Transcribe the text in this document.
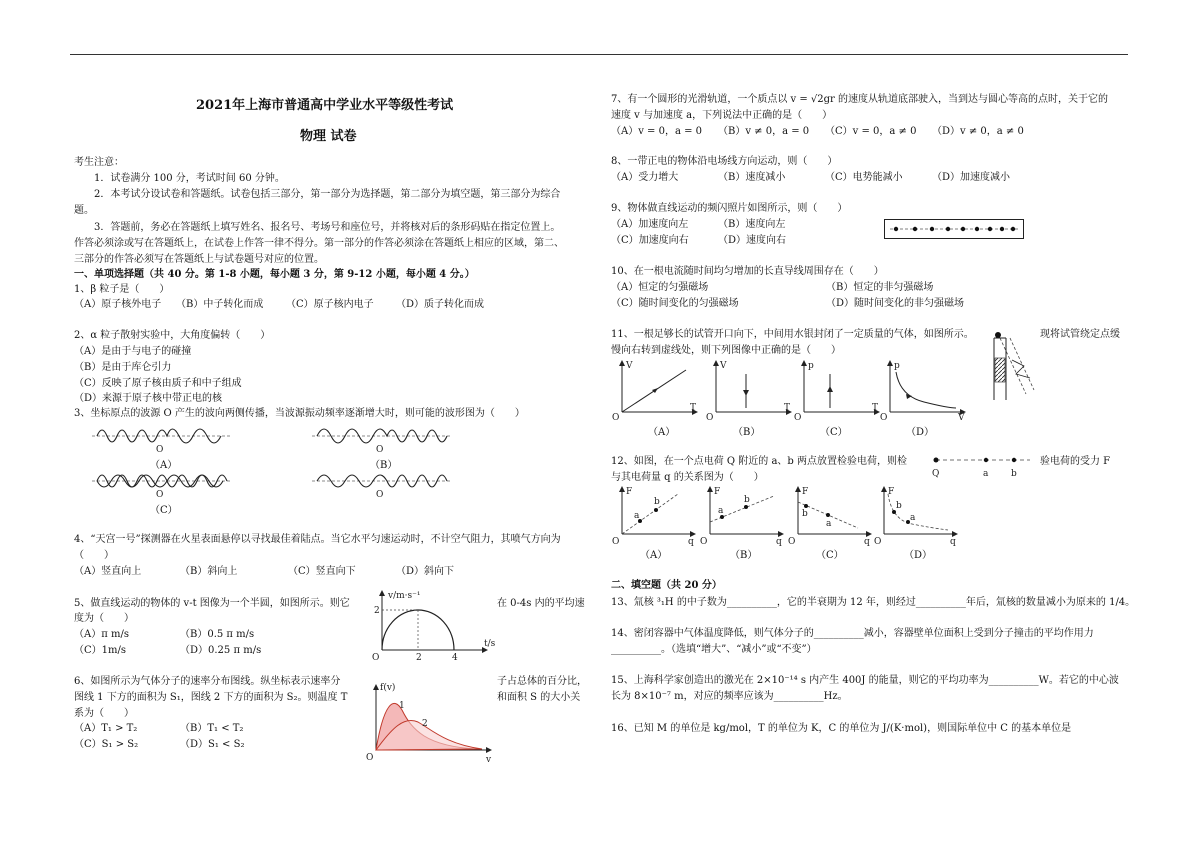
2021年上海市普通高中学业水平等级性考试
物理 试卷
考生注意：
1．试卷满分 100 分，考试时间 60 分钟。
2．本考试分设试卷和答题纸。试卷包括三部分，第一部分为选择题，第二部分为填空题，第三部分为综合
题。
3．答题前，务必在答题纸上填写姓名、报名号、考场号和座位号，并将核对后的条形码贴在指定位置上。
作答必须涂或写在答题纸上，在试卷上作答一律不得分。第一部分的作答必须涂在答题纸上相应的区域，第二、
三部分的作答必须写在答题纸上与试卷题号对应的位置。
一、单项选择题（共 40 分。第 1-8 小题，每小题 3 分，第 9-12 小题，每小题 4 分。）
1、β 粒子是（　　）
（A）原子核外电子 （B）中子转化而成 （C）原子核内电子 （D）质子转化而成
2、α 粒子散射实验中，大角度偏转（　　）
（A）是由于与电子的碰撞
（B）是由于库仑引力
（C）反映了原子核由质子和中子组成
（D）来源于原子核中带正电的核
3、坐标原点的波源 O 产生的波向两侧传播，当波源振动频率逐渐增大时，则可能的波形图为（　　）
O
（A）
O
（B）
O
（C）
O
4、“天宫一号”探测器在火星表面悬停以寻找最佳着陆点。当它水平匀速运动时，不计空气阻力，其喷气方向为
（　　）
（A）竖直向上	（B）斜向上	（C）竖直向下	（D）斜向下
5、做直线运动的物体的 v-t 图像为一个半圆，如图所示。则它	在 0-4s 内的平均速
度为（　　）
（A）π m/s	（B）0.5 π m/s
（C）1m/s	（D）0.25 π m/s
v/m·s⁻¹
t/s
O
2
2	4
6、如图所示为气体分子的速率分布图线。纵坐标表示速率分	子占总体的百分比，
图线 1 下方的面积为 S₁，图线 2 下方的面积为 S₂。则温度 T	和面积 S 的大小关
系为（　　）
（A）T₁ > T₂	（B）T₁ < T₂
（C）S₁ > S₂	（D）S₁ < S₂
f(v)
1
2
O	v
7、有一个圆形的光滑轨道，一个质点以 v = √2gr 的速度从轨道底部驶入，当到达与圆心等高的点时，关于它的
速度 v 与加速度 a，下列说法中正确的是（　　）
（A）v = 0，a = 0 （B）v ≠ 0，a = 0 （C）v = 0，a ≠ 0 （D）v ≠ 0，a ≠ 0
8、一带正电的物体沿电场线方向运动，则（　　）
（A）受力增大	（B）速度减小	（C）电势能减小	（D）加速度减小
9、物体做直线运动的频闪照片如图所示，则（　　）
（A）加速度向左	（B）速度向左
（C）加速度向右	（D）速度向右
10、在一根电流随时间均匀增加的长直导线周围存在（　　）
（A）恒定的匀强磁场	（B）恒定的非匀强磁场
（C）随时间变化的匀强磁场	（D）随时间变化的非匀强磁场
11、一根足够长的试管开口向下，中间用水银封闭了一定质量的气体，如图所示。	现将试管绕定点缓
慢向右转到虚线处，则下列图像中正确的是（　　）
V
T
O
（A）
V
T
O
（B）
p
T
O
（C）
p
V
O
（D）
12、如图，在一个点电荷 Q 附近的 a、b 两点放置检验电荷，则检	验电荷的受力 F
与其电荷量 q 的关系图为（　　）	Q	a	b
a
b
F
q
O
（A）
a
b
F
q
O
（B）
b
a
F
q
O
（C）
b
a
F
q
O
（D）
二、填空题（共 20 分）
13、氚核 ³₁H 的中子数为__________，它的半衰期为 12 年，则经过__________年后，氚核的数量减小为原来的 1/4。
14、密闭容器中气体温度降低，则气体分子的__________减小，容器壁单位面积上受到分子撞击的平均作用力
__________。（选填“增大”、“减小”或“不变”）
15、上海科学家创造出的激光在 2×10⁻¹⁴ s 内产生 400J 的能量，则它的平均功率为__________W。若它的中心波
长为 8×10⁻⁷ m，对应的频率应该为__________Hz。
16、已知 M 的单位是 kg/mol，T 的单位为 K，C 的单位为 J/(K·mol)，则国际单位中 C 的基本单位是
